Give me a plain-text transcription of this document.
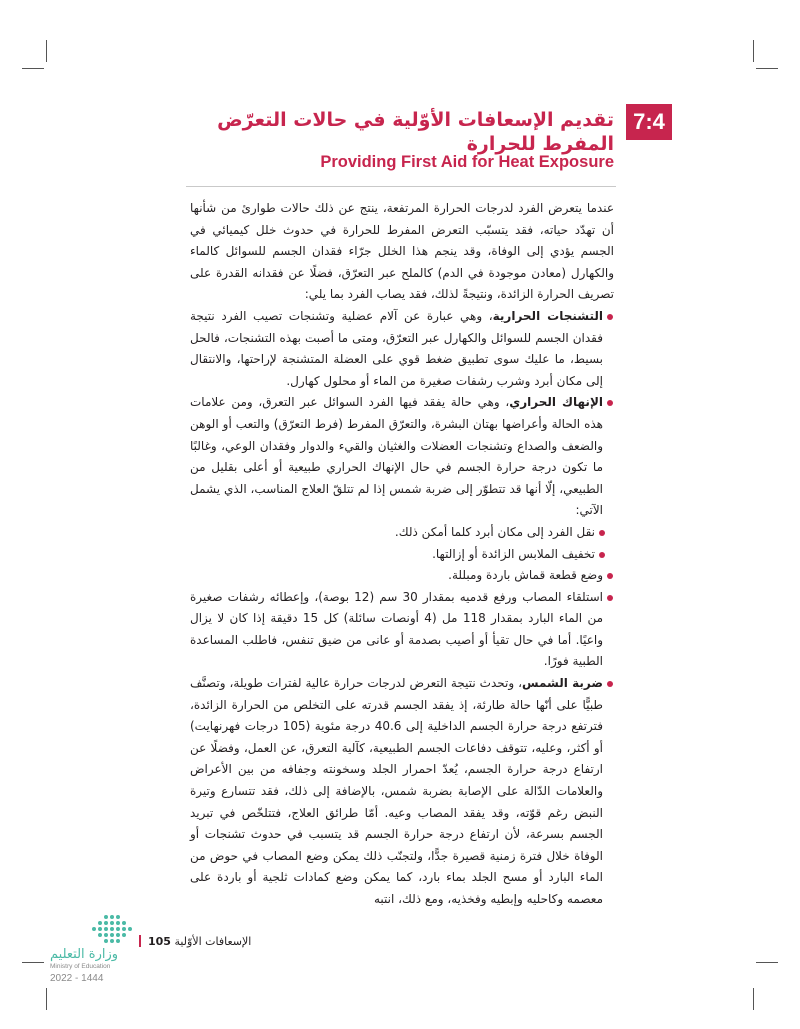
7:4
تقديم الإسعافات الأوّلية في حالات التعرّض المفرط للحرارة
Providing First Aid for Heat Exposure

عندما يتعرض الفرد لدرجات الحرارة المرتفعة، ينتج عن ذلك حالات طوارئ من شأنها أن تهدّد حياته، فقد يتسبّب التعرض المفرط للحرارة في حدوث خلل كيميائي في الجسم يؤدي إلى الوفاة، وقد ينجم هذا الخلل جرّاء فقدان الجسم للسوائل كالماء والكهارل (معادن موجودة في الدم) كالملح عبر التعرّق، فضلًا عن فقدانه القدرة على تصريف الحرارة الزائدة، ونتيجةً لذلك، فقد يصاب الفرد بما يلي:

التشنجات الحرارية، وهي عبارة عن آلام عضلية وتشنجات تصيب الفرد نتيجة فقدان الجسم للسوائل والكهارل عبر التعرّق، ومتى ما أصبت بهذه التشنجات، فالحل بسيط، ما عليك سوى تطبيق ضغط قوي على العضلة المتشنجة لإراحتها، والانتقال إلى مكان أبرد وشرب رشفات صغيرة من الماء أو محلول كهارل.

الإنهاك الحراري، وهي حالة يفقد فيها الفرد السوائل عبر التعرق، ومن علامات هذه الحالة وأعراضها بهتان البشرة، والتعرّق المفرط (فرط التعرّق) والتعب أو الوهن والضعف والصداع وتشنجات العضلات والغثيان والقيء والدوار وفقدان الوعي، وغالبًا ما تكون درجة حرارة الجسم في حال الإنهاك الحراري طبيعية أو أعلى بقليل من الطبيعي، إلّا أنها قد تتطوّر إلى ضربة شمس إذا لم تتلقّ العلاج المناسب، الذي يشمل الآتي:

نقل الفرد إلى مكان أبرد كلما أمكن ذلك.

تخفيف الملابس الزائدة أو إزالتها.

وضع قطعة قماش باردة ومبللة.

استلقاء المصاب ورفع قدميه بمقدار 30 سم (12 بوصة)، وإعطائه رشفات صغيرة من الماء البارد بمقدار 118 مل (4 أونصات سائلة) كل 15 دقيقة إذا كان لا يزال واعيًا. أما في حال تقيأ أو أصيب بصدمة أو عانى من ضيق تنفس، فاطلب المساعدة الطبية فورًا.

ضربة الشمس، وتحدث نتيجة التعرض لدرجات حرارة عالية لفترات طويلة، وتصنَّف طبيًّا على أنّها حالة طارئة، إذ يفقد الجسم قدرته على التخلص من الحرارة الزائدة، فترتفع درجة حرارة الجسم الداخلية إلى 40.6 درجة مئوية (105 درجات فهرنهايت) أو أكثر، وعليه، تتوقف دفاعات الجسم الطبيعية، كآلية التعرق، عن العمل، وفضلًا عن ارتفاع درجة حرارة الجسم، يُعدّ احمرار الجلد وسخونته وجفافه من بين الأعراض والعلامات الدّالة على الإصابة بضربة شمس، بالإضافة إلى ذلك، فقد تتسارع وتيرة النبض رغم قوّته، وقد يفقد المصاب وعيه. أمّا طرائق العلاج، فتتلخّص في تبريد الجسم بسرعة، لأن ارتفاع درجة حرارة الجسم قد يتسبب في حدوث تشنجات أو الوفاة خلال فترة زمنية قصيرة جدًّا، ولتجنّب ذلك يمكن وضع المصاب في حوض من الماء البارد أو مسح الجلد بماء بارد، كما يمكن وضع كمادات ثلجية أو باردة على معصمه وكاحليه وإبطيه وفخذيه، ومع ذلك، انتبه

الإسعافات الأوّلية 105
وزارة التعليم
Ministry of Education
2022 - 1444
